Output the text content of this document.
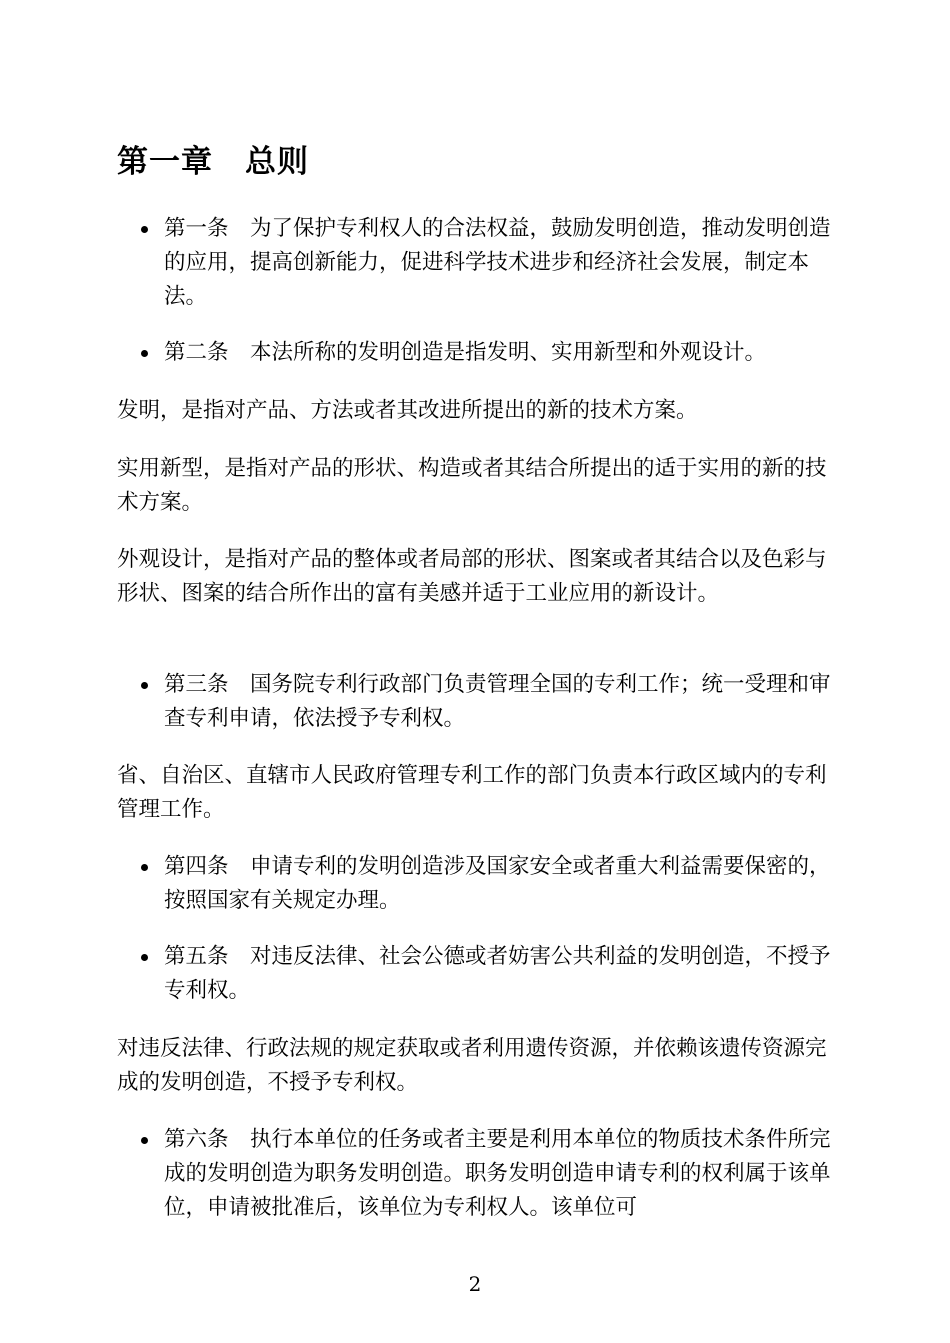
第一章　总则
第一条　为了保护专利权人的合法权益，鼓励发明创造，推动发明创造的应用，提高创新能力，促进科学技术进步和经济社会发展，制定本法。
第二条　本法所称的发明创造是指发明、实用新型和外观设计。

发明，是指对产品、方法或者其改进所提出的新的技术方案。

实用新型，是指对产品的形状、构造或者其结合所提出的适于实用的新的技术方案。

外观设计，是指对产品的整体或者局部的形状、图案或者其结合以及色彩与形状、图案的结合所作出的富有美感并适于工业应用的新设计。

第三条　国务院专利行政部门负责管理全国的专利工作；统一受理和审查专利申请，依法授予专利权。

省、自治区、直辖市人民政府管理专利工作的部门负责本行政区域内的专利管理工作。

第四条　申请专利的发明创造涉及国家安全或者重大利益需要保密的，按照国家有关规定办理。
第五条　对违反法律、社会公德或者妨害公共利益的发明创造，不授予专利权。

对违反法律、行政法规的规定获取或者利用遗传资源，并依赖该遗传资源完成的发明创造，不授予专利权。

第六条　执行本单位的任务或者主要是利用本单位的物质技术条件所完成的发明创造为职务发明创造。职务发明创造申请专利的权利属于该单位，申请被批准后，该单位为专利权人。该单位可
2
